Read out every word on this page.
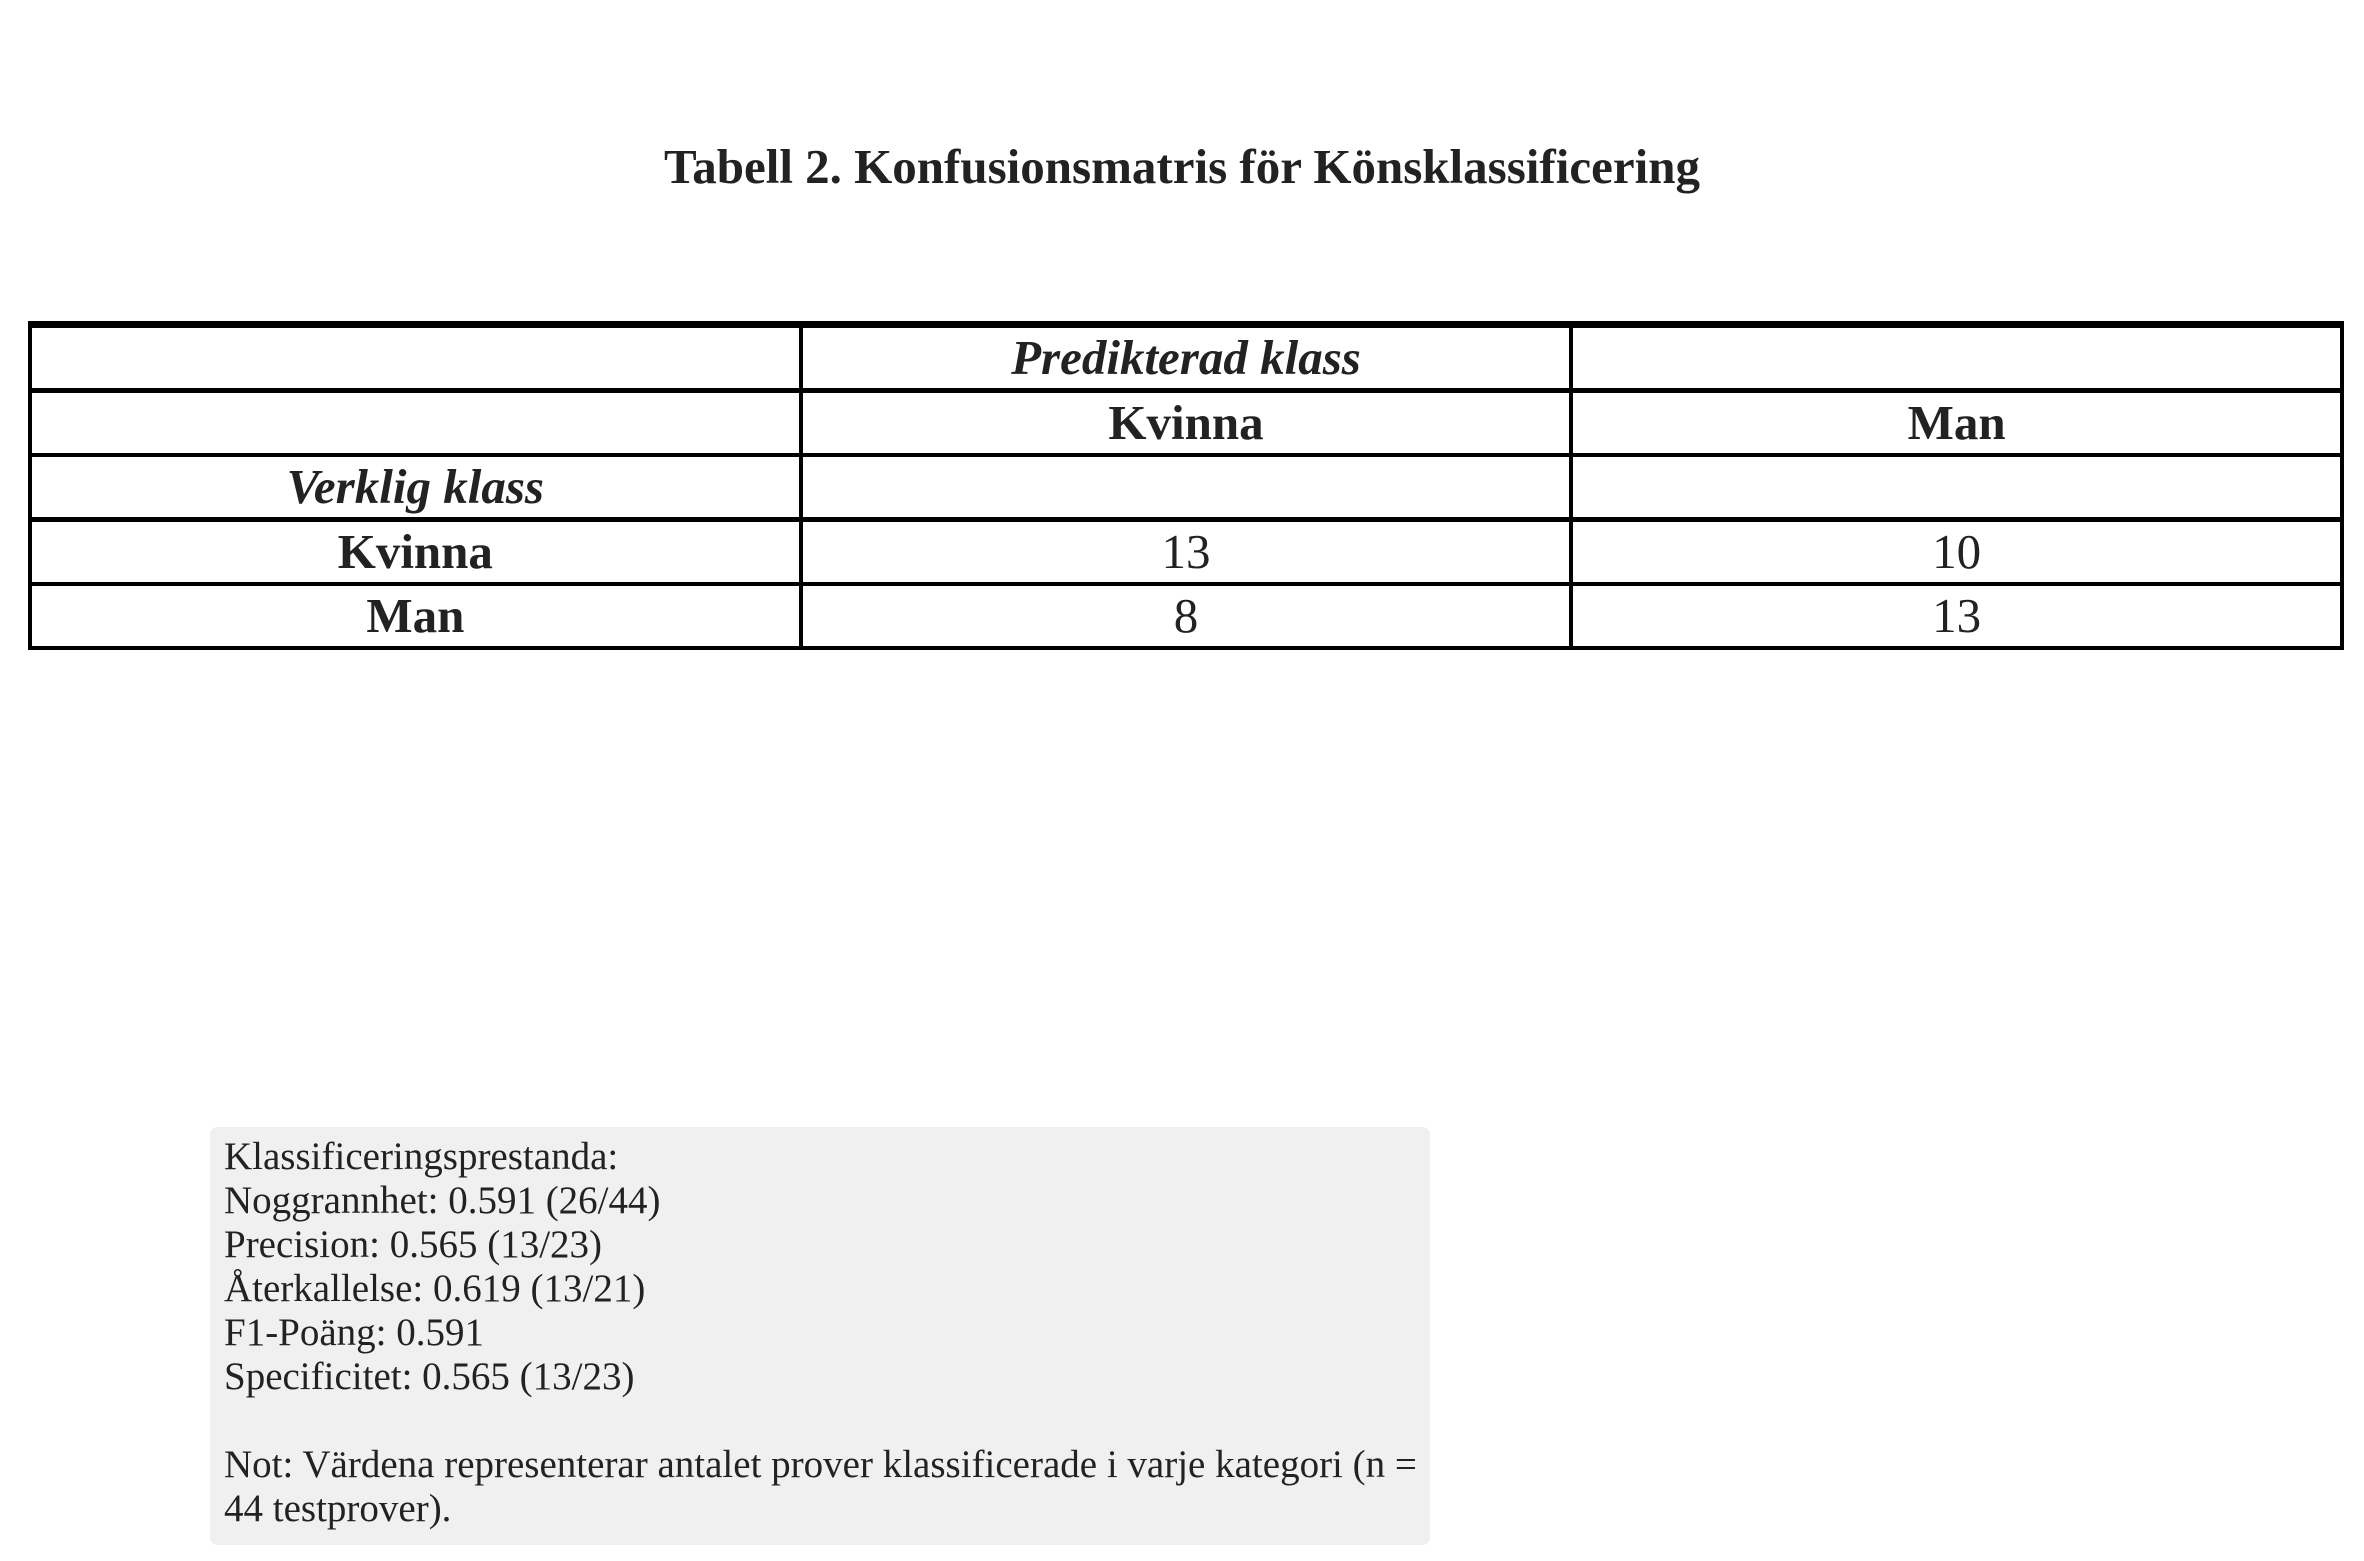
Tabell 2. Konfusionsmatris för Könsklassificering
	Predikterad klass	
	Kvinna	Man
Verklig klass		
Kvinna	13	10
Man	8	13
Klassificeringsprestanda:
Noggrannhet: 0.591 (26/44)
Precision: 0.565 (13/23)
Återkallelse: 0.619 (13/21)
F1-Poäng: 0.591
Specificitet: 0.565 (13/23)
Not: Värdena representerar antalet prover klassificerade i varje kategori (n = 44 testprover).
